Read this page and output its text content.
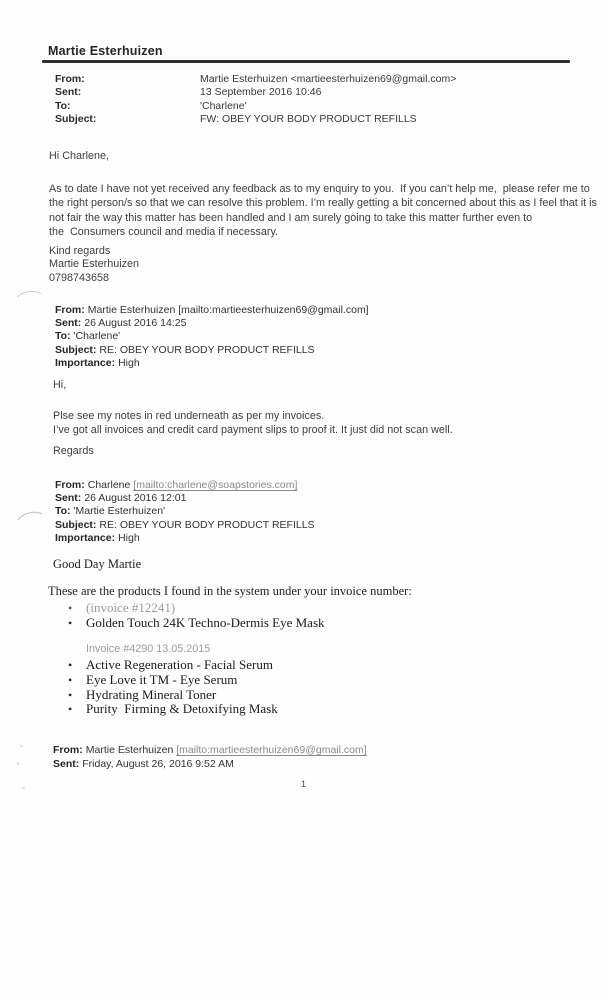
Martie Esterhuizen
From:	Martie Esterhuizen <martieesterhuizen69@gmail.com>
Sent:	13 September 2016 10:46
To:	'Charlene'
Subject:	FW: OBEY YOUR BODY PRODUCT REFILLS
Hi Charlene,
As to date I have not yet received any feedback as to my enquiry to you.  If you can’t help me,  please refer me to
the right person/s so that we can resolve this problem. I’m really getting a bit concerned about this as I feel that it is
not fair the way this matter has been handled and I am surely going to take this matter further even to
the  Consumers council and media if necessary.
Kind regards
Martie Esterhuizen
0798743658
From: Martie Esterhuizen [mailto:martieesterhuizen69@gmail.com]
Sent: 26 August 2016 14:25
To: 'Charlene'
Subject: RE: OBEY YOUR BODY PRODUCT REFILLS
Importance: High
Hi,
Plse see my notes in red underneath as per my invoices.
I’ve got all invoices and credit card payment slips to proof it. It just did not scan well.
Regards
From: Charlene [mailto:charlene@soapstories.com]
Sent: 26 August 2016 12:01
To: 'Martie Esterhuizen'
Subject: RE: OBEY YOUR BODY PRODUCT REFILLS
Importance: High
Good Day Martie
These are the products I found in the system under your invoice number:
• (invoice #12241)
• Golden Touch 24K Techno-Dermis Eye Mask
Invoice #4290 13.05.2015
• Active Regeneration - Facial Serum
• Eye Love it TM - Eye Serum
• Hydrating Mineral Toner
• Purity  Firming & Detoxifying Mask
From: Martie Esterhuizen [mailto:martieesterhuizen69@gmail.com]
Sent: Friday, August 26, 2016 9:52 AM
1
